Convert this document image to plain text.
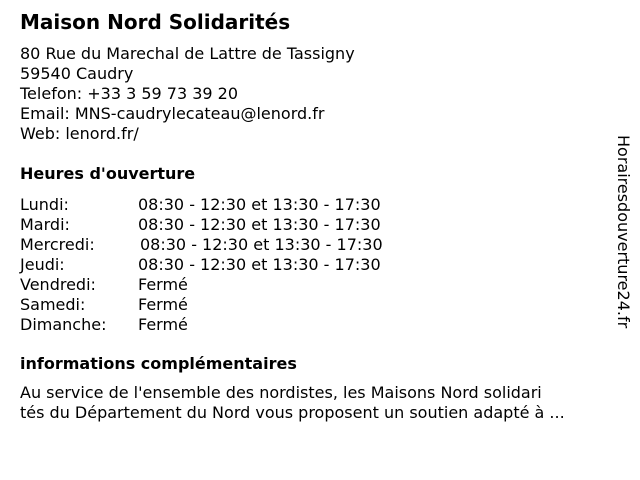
Maison Nord Solidarités
80 Rue du Marechal de Lattre de Tassigny
59540 Caudry
Telefon: +33 3 59 73 39 20
Email: MNS-caudrylecateau@lenord.fr
Web: lenord.fr/
Heures d'ouverture
Lundi:	08:30 - 12:30 et 13:30 - 17:30
Mardi:	08:30 - 12:30 et 13:30 - 17:30
Mercredi:	08:30 - 12:30 et 13:30 - 17:30
Jeudi:	08:30 - 12:30 et 13:30 - 17:30
Vendredi:	Fermé
Samedi:	Fermé
Dimanche: Fermé
informations complémentaires
Au service de l'ensemble des nordistes, les Maisons Nord solidari
tés du Département du Nord vous proposent un soutien adapté à ...
Horairesdouverture24.fr
